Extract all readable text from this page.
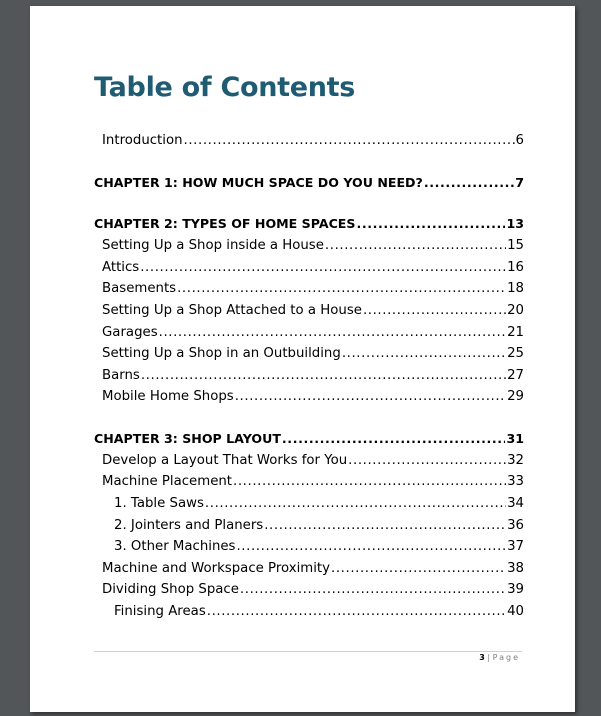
Table of Contents
Introduction .....	6
CHAPTER 1: HOW MUCH SPACE DO YOU NEED? .....	7
CHAPTER 2: TYPES OF HOME SPACES .....	13
Setting Up a Shop inside a House .....	15
Attics .....	16
Basements .....	18
Setting Up a Shop Attached to a House .....	20
Garages .....	21
Setting Up a Shop in an Outbuilding .....	25
Barns .....	27
Mobile Home Shops .....	29
CHAPTER 3: SHOP LAYOUT .....	31
Develop a Layout That Works for You .....	32
Machine Placement .....	33
1. Table Saws .....	34
2. Jointers and Planers .....	36
3. Other Machines .....	37
Machine and Workspace Proximity .....	38
Dividing Shop Space .....	39
Finising Areas .....	40
3 | Page
